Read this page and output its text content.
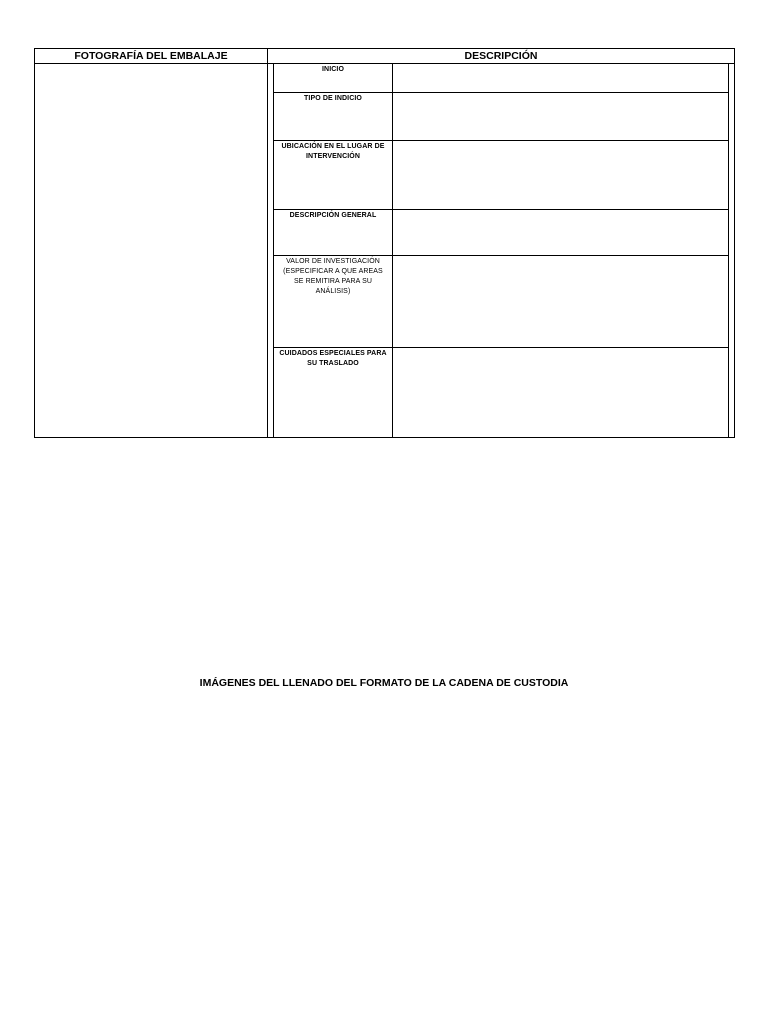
FOTOGRAFÍA DEL EMBALAJE	DESCRIPCIÓN
INICIO
TIPO DE INDICIO
UBICACIÓN EN EL LUGAR DE INTERVENCIÓN
DESCRIPCIÓN GENERAL
VALOR DE INVESTIGACIÓN (ESPECIFICAR A QUE AREAS SE REMITIRA PARA SU ANÁLISIS)
CUIDADOS ESPECIALES PARA SU TRASLADO
IMÁGENES DEL LLENADO DEL FORMATO DE LA CADENA DE CUSTODIA
